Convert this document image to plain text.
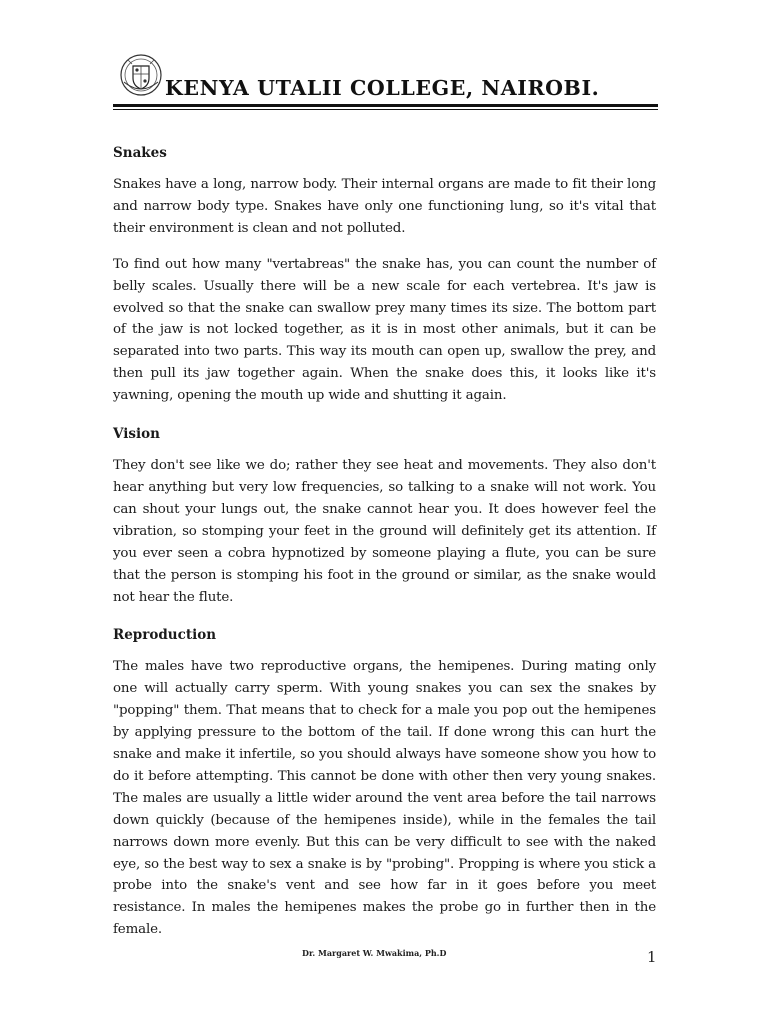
KENYA UTALII COLLEGE, NAIROBI.
Snakes

Snakes have a long, narrow body. Their internal organs are made to fit their long and narrow body type. Snakes have only one functioning lung, so it's vital that their environment is clean and not polluted.

To find out how many "vertabreas" the snake has, you can count the number of belly scales. Usually there will be a new scale for each vertebrea. It's jaw is evolved so that the snake can swallow prey many times its size. The bottom part of the jaw is not locked together, as it is in most other animals, but it can be separated into two parts. This way its mouth can open up, swallow the prey, and then pull its jaw together again. When the snake does this, it looks like it's yawning, opening the mouth up wide and shutting it again.

Vision

They don't see like we do; rather they see heat and movements. They also don't hear anything but very low frequencies, so talking to a snake will not work. You can shout your lungs out, the snake cannot hear you. It does however feel the vibration, so stomping your feet in the ground will definitely get its attention. If you ever seen a cobra hypnotized by someone playing a flute, you can be sure that the person is stomping his foot in the ground or similar, as the snake would not hear the flute.

Reproduction

The males have two reproductive organs, the hemipenes. During mating only one will actually carry sperm. With young snakes you can sex the snakes by "popping" them. That means that to check for a male you pop out the hemipenes by applying pressure to the bottom of the tail. If done wrong this can hurt the snake and make it infertile, so you should always have someone show you how to do it before attempting. This cannot be done with other then very young snakes. The males are usually a little wider around the vent area before the tail narrows down quickly (because of the hemipenes inside), while in the females the tail narrows down more evenly. But this can be very difficult to see with the naked eye, so the best way to sex a snake is by "probing". Propping is where you stick a probe into the snake's vent and see how far in it goes before you meet resistance. In males the hemipenes makes the probe go in further then in the female.

Dr. Margaret W. Mwakima, Ph.D	1
